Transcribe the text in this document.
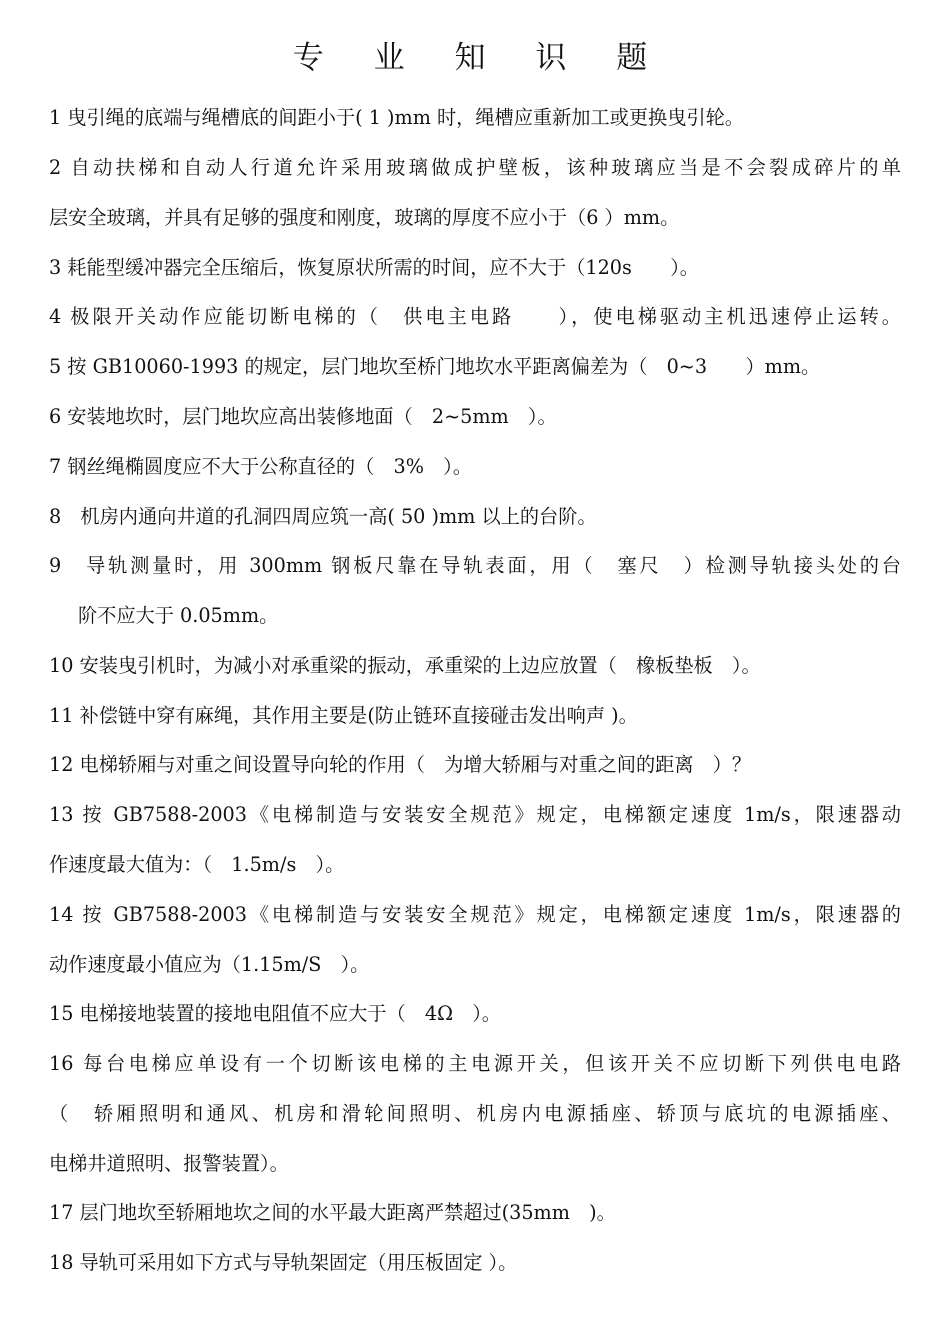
专 业 知 识 题
1 曳引绳的底端与绳槽底的间距小于( 1 )mm 时，绳槽应重新加工或更换曳引轮。
2 自动扶梯和自动人行道允许采用玻璃做成护壁板，该种玻璃应当是不会裂成碎片的单
层安全玻璃，并具有足够的强度和刚度，玻璃的厚度不应小于（6 ）mm。
3 耗能型缓冲器完全压缩后，恢复原状所需的时间，应不大于（120s　　）。
4 极限开关动作应能切断电梯的（　供电主电路　　），使电梯驱动主机迅速停止运转。
5 按 GB10060-1993 的规定，层门地坎至桥门地坎水平距离偏差为（　0~3　　）mm。
6 安装地坎时，层门地坎应高出装修地面（　2~5mm　）。
7 钢丝绳椭圆度应不大于公称直径的（　3%　）。
8　机房内通向井道的孔洞四周应筑一高( 50 )mm 以上的台阶。
9　导轨测量时，用 300mm 钢板尺靠在导轨表面，用（　塞尺　）检测导轨接头处的台
阶不应大于 0.05mm。
10 安装曳引机时，为减小对承重梁的振动，承重梁的上边应放置（　橡板垫板　）。
11 补偿链中穿有麻绳，其作用主要是(防止链环直接碰击发出响声 )。
12 电梯轿厢与对重之间设置导向轮的作用（　为增大轿厢与对重之间的距离　）？
13 按 GB7588-2003《电梯制造与安装安全规范》规定，电梯额定速度 1m/s，限速器动
作速度最大值为：（　1.5m/s　）。
14 按 GB7588-2003《电梯制造与安装安全规范》规定，电梯额定速度 1m/s，限速器的
动作速度最小值应为（1.15m/S　）。
15 电梯接地装置的接地电阻值不应大于（　4Ω　）。
16 每台电梯应单设有一个切断该电梯的主电源开关，但该开关不应切断下列供电电路
（　轿厢照明和通风、机房和滑轮间照明、机房内电源插座、轿顶与底坑的电源插座、
电梯井道照明、报警装置）。
17 层门地坎至轿厢地坎之间的水平最大距离严禁超过(35mm　)。
18 导轨可采用如下方式与导轨架固定（用压板固定 ）。
